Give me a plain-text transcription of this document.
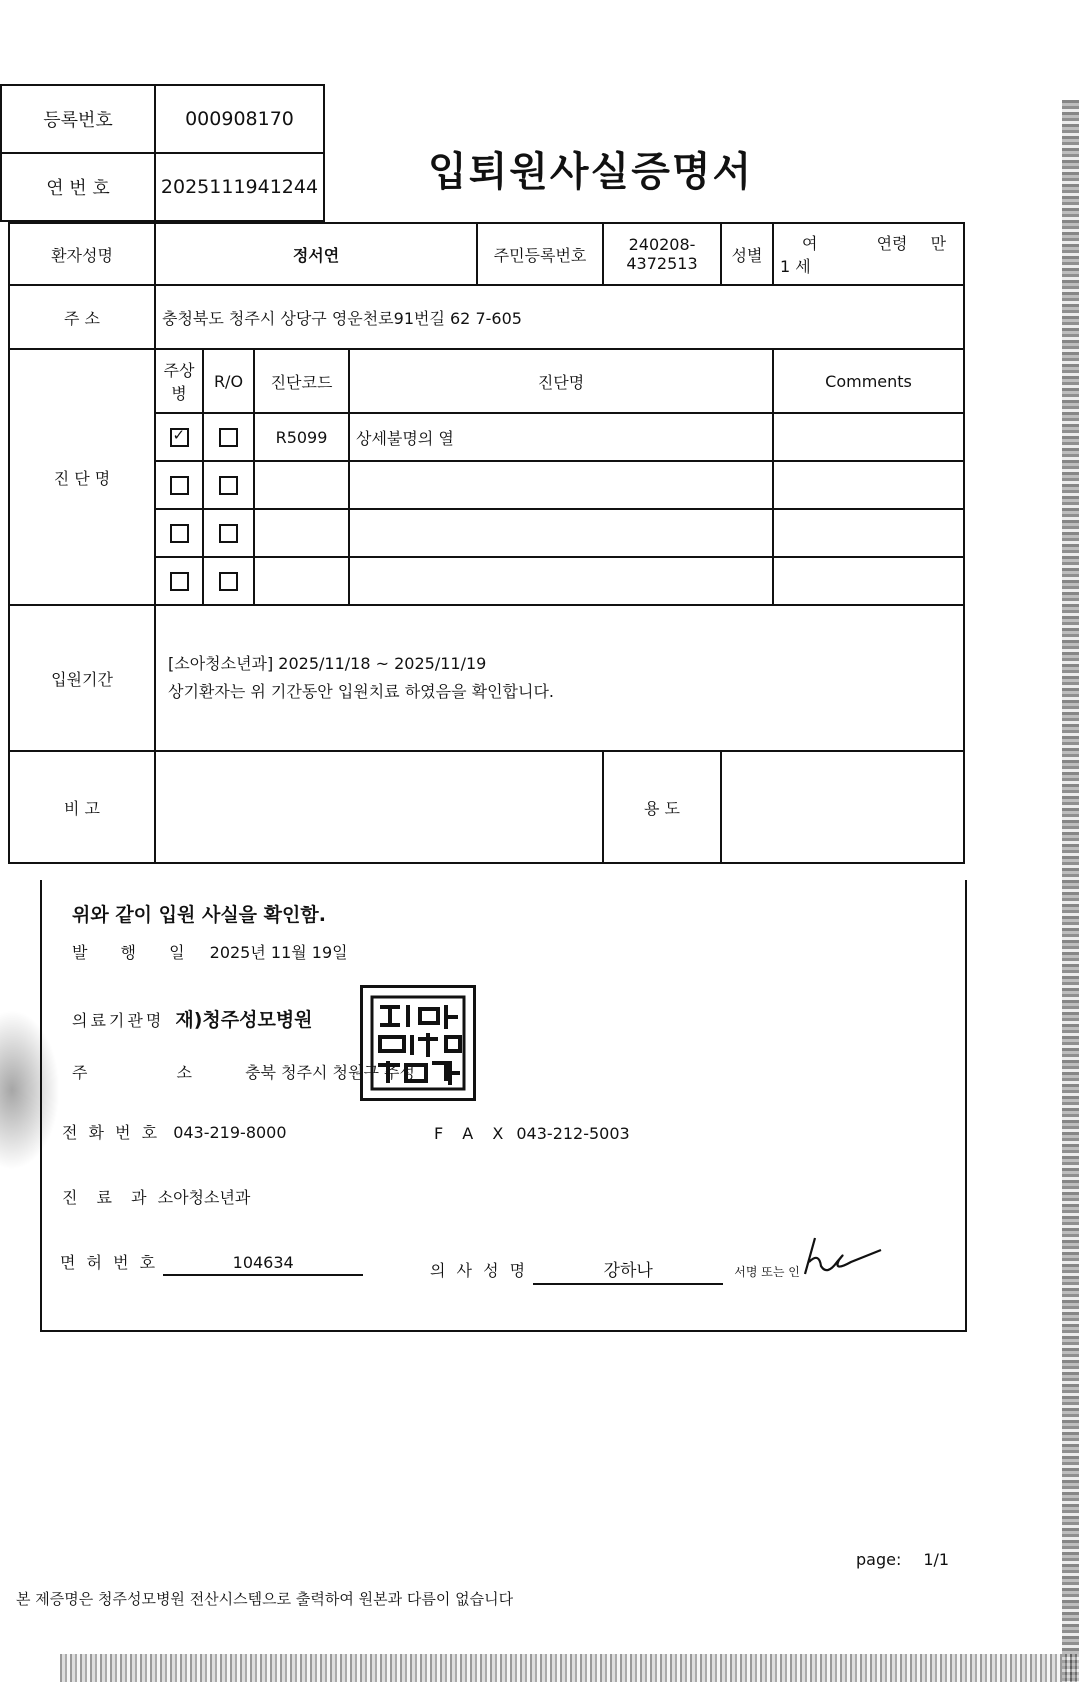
등록번호	000908170
연 번 호	2025111941244	입퇴원사실증명서
환자성명	정서연				주민등록번호	240208-4372513	성별	여 연령 만 1 세
주 소	충청북도 청주시 상당구 영운천로91번길 62 7-605							
진 단 명	주상병	R/O	진단코드	진단명				Comments
✓		R5099	상세불명의 열				

입원기간	[소아청소년과] 2025/11/18 ~ 2025/11/19
상기환자는 위 기간동안 입원치료 하였음을 확인합니다.							

비 고						용 도		
위와 같이 입원 사실을 확인함.
발 행 일 2025년 11월 19일
의료기관명 재)청주성모병원
주 소 충북 청주시 청원구 주성
전 화 번 호 043-219-8000	F A X 043-212-5003
진 료 과 소아청소년과
면 허 번 호	104634	의 사 성 명	강하나	서명 또는 인
page: 1/1
본 제증명은 청주성모병원 전산시스템으로 출력하여 원본과 다름이 없습니다
